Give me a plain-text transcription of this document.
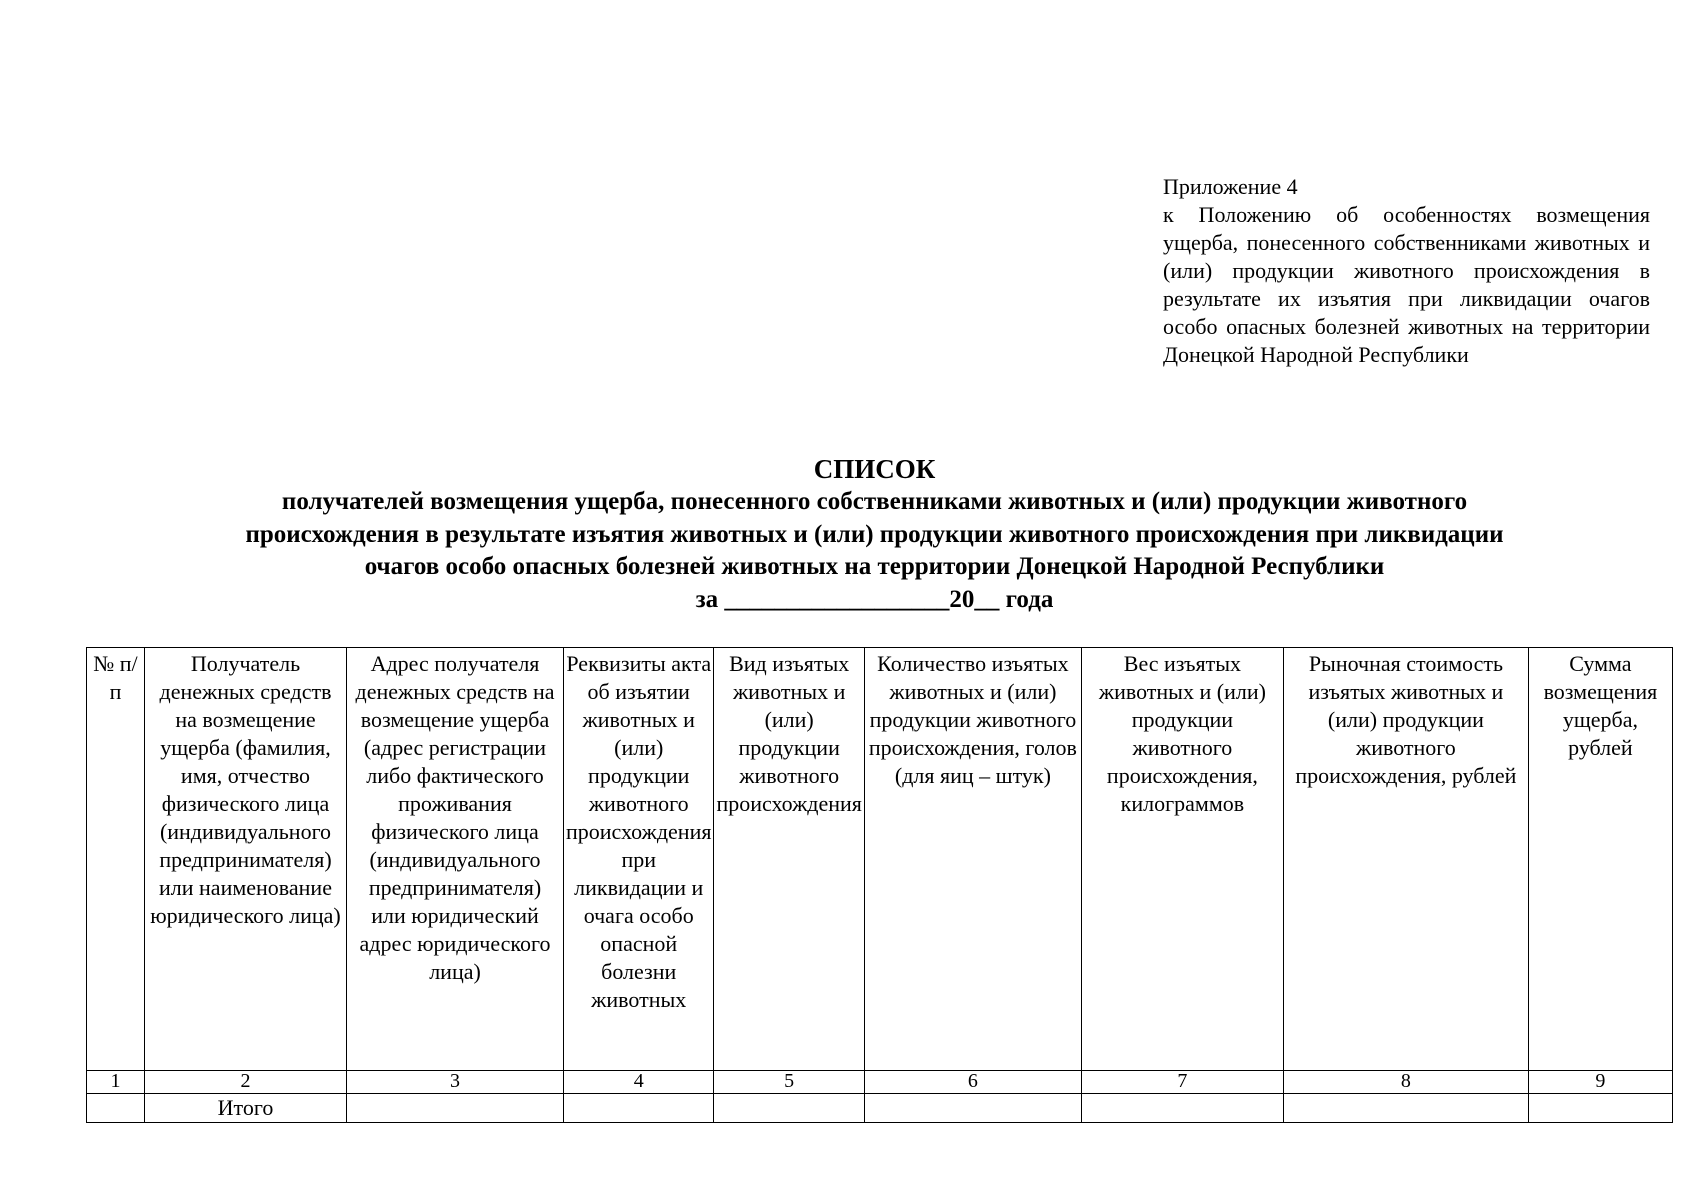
Приложение 4
к Положению об особенностях возмещения ущерба, понесенного собственниками животных и (или) продукции животного происхождения в результате их изъятия при ликвидации очагов особо опасных болезней животных на территории Донецкой Народной Республики
СПИСОК
получателей возмещения ущерба, понесенного собственниками животных и (или) продукции животного
происхождения в результате изъятия животных и (или) продукции животного происхождения при ликвидации
очагов особо опасных болезней животных на территории Донецкой Народной Республики
за __________________20__ года
№ п/п	Получатель денежных средств на возмещение ущерба (фамилия, имя, отчество физического лица (индивидуального предпринимателя) или наименование юридического лица)	Адрес получателя денежных средств на возмещение ущерба (адрес регистрации либо фактического проживания физического лица (индивидуального предпринимателя) или юридический адрес юридического лица)	Реквизиты акта об изъятии животных и (или) продукции животного происхождения при ликвидации и очага особо опасной болезни животных	Вид изъятых животных и (или) продукции животного происхождения	Количество изъятых животных и (или) продукции животного происхождения, голов (для яиц – штук)	Вес изъятых животных и (или) продукции животного происхождения, килограммов	Рыночная стоимость изъятых животных и (или) продукции животного происхождения, рублей	Сумма возмещения ущерба, рублей
1	2	3	4	5	6	7	8	9
	Итого							
